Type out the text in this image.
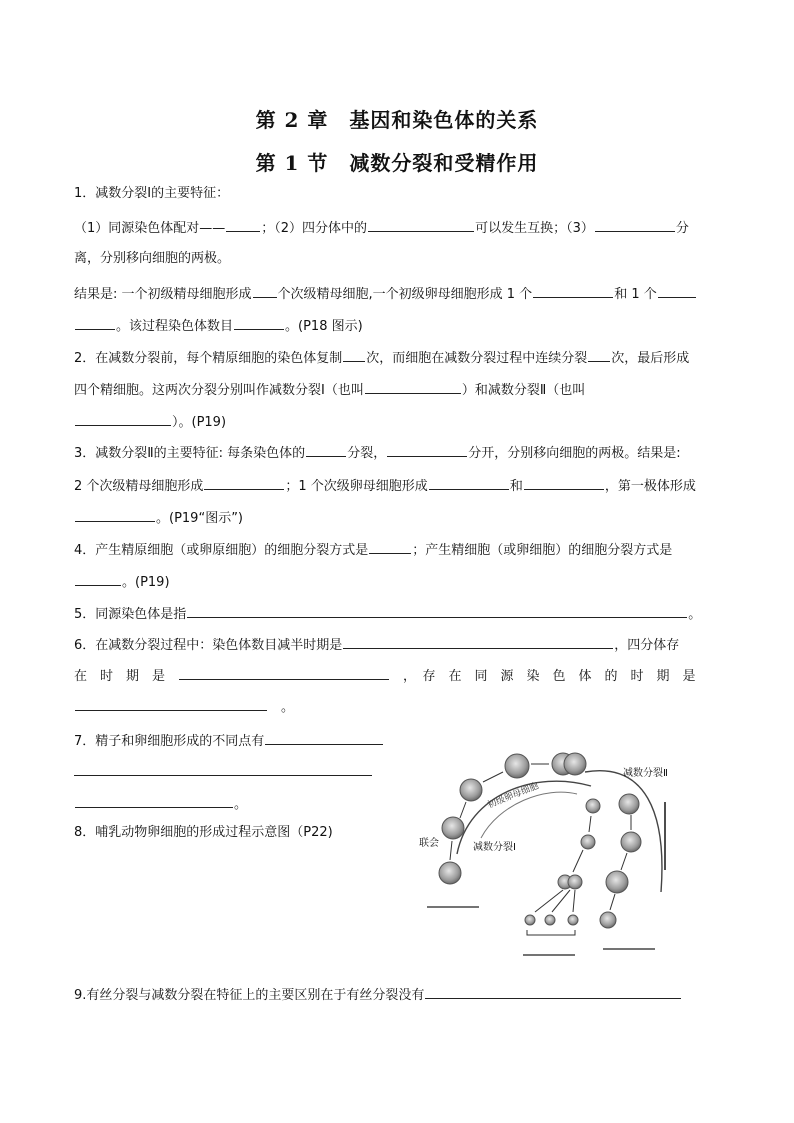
第 2 章　基因和染色体的关系
第 1 节　减数分裂和受精作用
1．减数分裂Ⅰ的主要特征：
（1）同源染色体配对——	；（2）四分体中的	可以发生互换；（3）	分
离，分别移向细胞的两极。
结果是: 一个初级精母细胞形成 个次级精母细胞,一个初级卵母细胞形成 1 个	和 1 个
。该过程染色体数目	。(P18 图示)
2．在减数分裂前，每个精原细胞的染色体复制 次，而细胞在减数分裂过程中连续分裂 次，最后形成
四个精细胞。这两次分裂分别叫作减数分裂Ⅰ（也叫	）和减数分裂Ⅱ（也叫
）。(P19)
3．减数分裂Ⅱ的主要特征: 每条染色体的	分裂，	分开，分别移向细胞的两极。结果是:
2 个次级精母细胞形成	；1 个次级卵母细胞形成	和	，第一极体形成
。(P19“图示”)
4．产生精原细胞（或卵原细胞）的细胞分裂方式是	；产生精细胞（或卵细胞）的细胞分裂方式是
。(P19)
5．同源染色体是指	。
6．在减数分裂过程中：染色体数目减半时期是	，四分体存
在　时　期　是　　	，　存　在　同　源　染　色　体　的　时　期　是
　。
7．精子和卵细胞形成的不同点有
。
8．哺乳动物卵细胞的形成过程示意图（P22)
联会
初级卵母细胞
减数分裂Ⅰ
减数分裂Ⅱ
9.有丝分裂与减数分裂在特征上的主要区别在于有丝分裂没有
